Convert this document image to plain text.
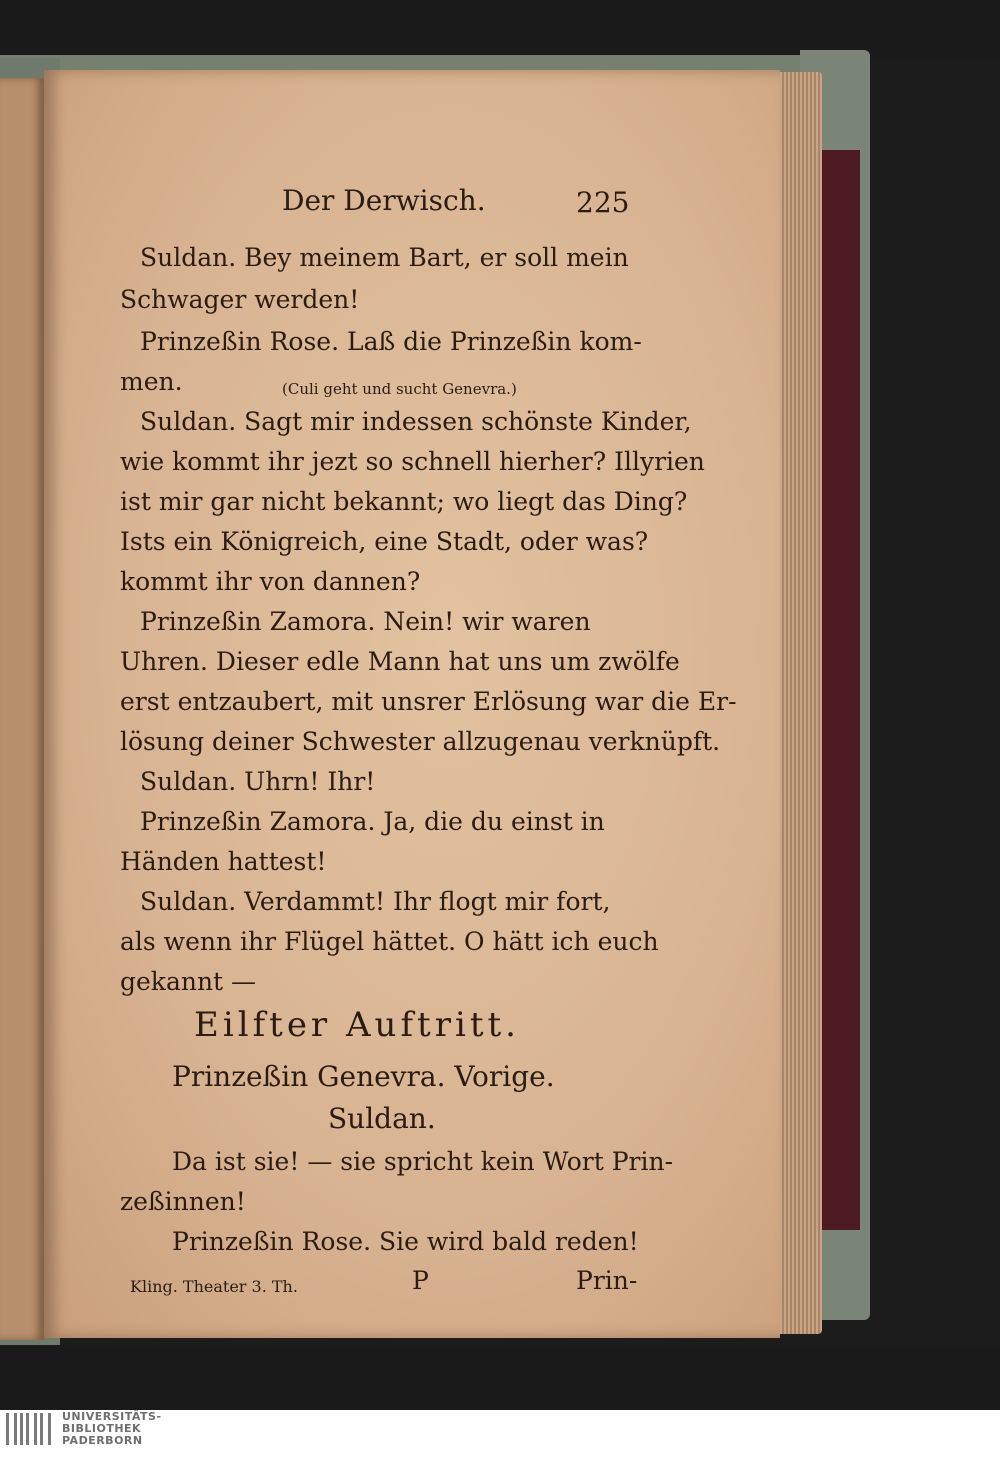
Der Derwisch.	225
Suldan. Bey meinem Bart, er soll mein
Schwager werden!
Prinzeßin Rose. Laß die Prinzeßin kom-
men.	(Culi geht und sucht Genevra.)
Suldan. Sagt mir indessen schönste Kinder,
wie kommt ihr jezt so schnell hierher? Illyrien
ist mir gar nicht bekannt; wo liegt das Ding?
Ists ein Königreich, eine Stadt, oder was?
kommt ihr von dannen?
Prinzeßin Zamora. Nein! wir waren
Uhren. Dieser edle Mann hat uns um zwölfe
erst entzaubert, mit unsrer Erlösung war die Er-
lösung deiner Schwester allzugenau verknüpft.
Suldan. Uhrn! Ihr!
Prinzeßin Zamora. Ja, die du einst in
Händen hattest!
Suldan. Verdammt! Ihr flogt mir fort,
als wenn ihr Flügel hättet. O hätt ich euch
gekannt —
Eilfter Auftritt.
Prinzeßin Genevra. Vorige.
Suldan.
Da ist sie! — sie spricht kein Wort Prin-
zeßinnen!
Prinzeßin Rose. Sie wird bald reden!
Kling. Theater 3. Th.	P	Prin-
UNIVERSITÄTS-
BIBLIOTHEK
PADERBORN
